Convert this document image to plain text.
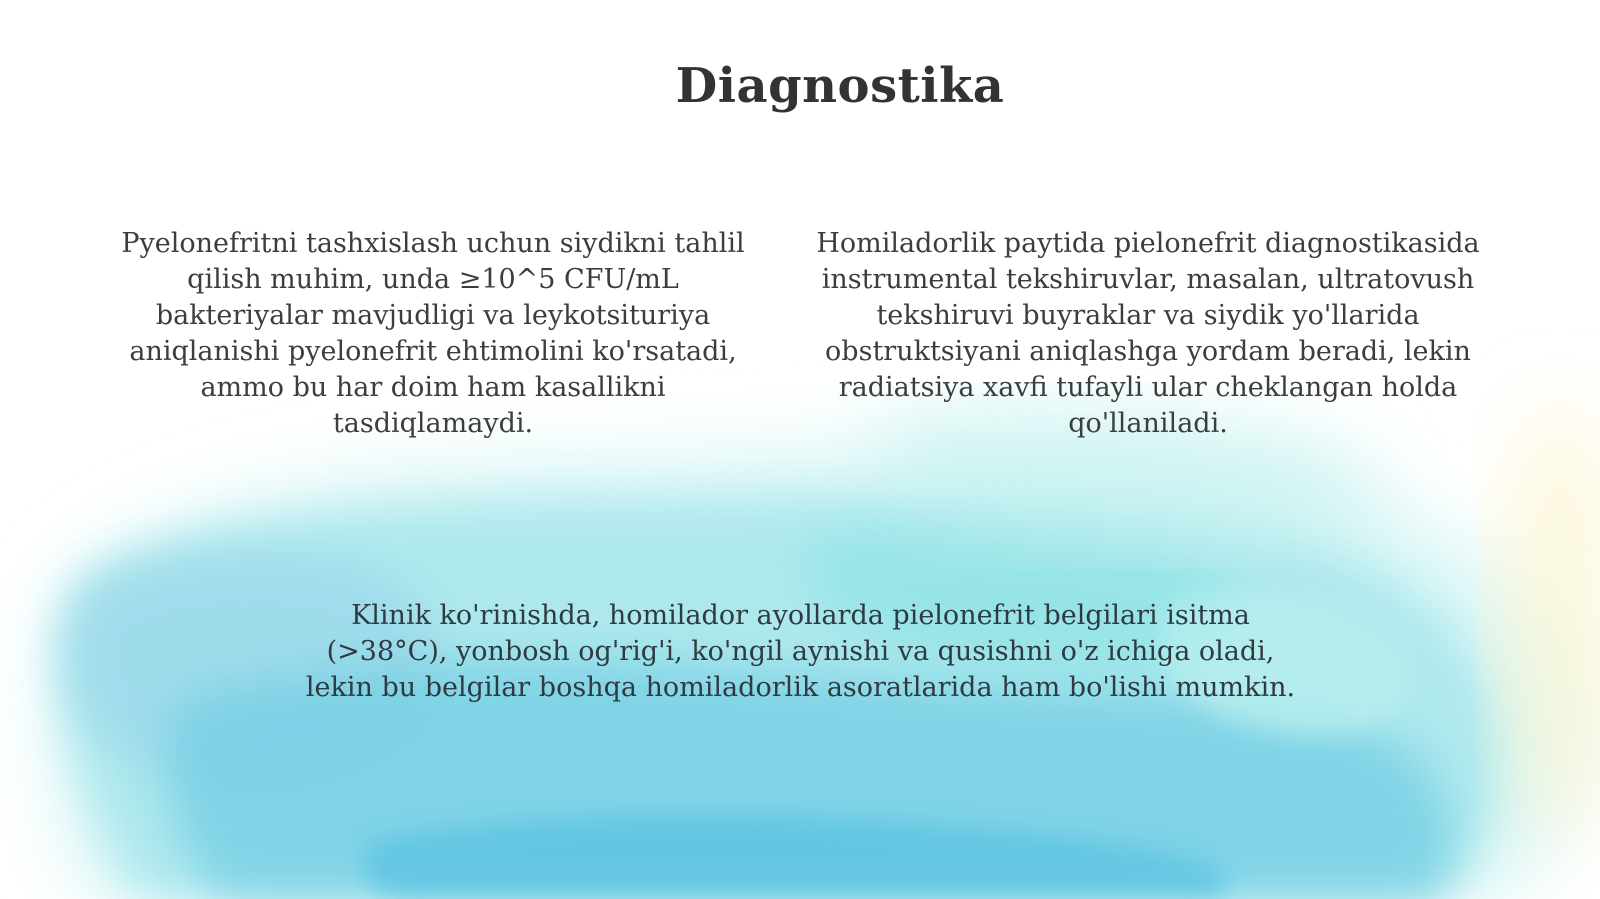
Diagnostika

Pyelonefritni tashxislash uchun siydikni tahlil qilish muhim, unda ≥10^5 CFU/mL bakteriyalar mavjudligi va leykotsituriya aniqlanishi pyelonefrit ehtimolini ko'rsatadi, ammo bu har doim ham kasallikni tasdiqlamaydi.

Homiladorlik paytida pielonefrit diagnostikasida instrumental tekshiruvlar, masalan, ultratovush tekshiruvi buyraklar va siydik yo'llarida obstruktsiyani aniqlashga yordam beradi, lekin radiatsiya xavfi tufayli ular cheklangan holda qo'llaniladi.

Klinik ko'rinishda, homilador ayollarda pielonefrit belgilari isitma (>38°C), yonbosh og'rig'i, ko'ngil aynishi va qusishni o'z ichiga oladi, lekin bu belgilar boshqa homiladorlik asoratlarida ham bo'lishi mumkin.
